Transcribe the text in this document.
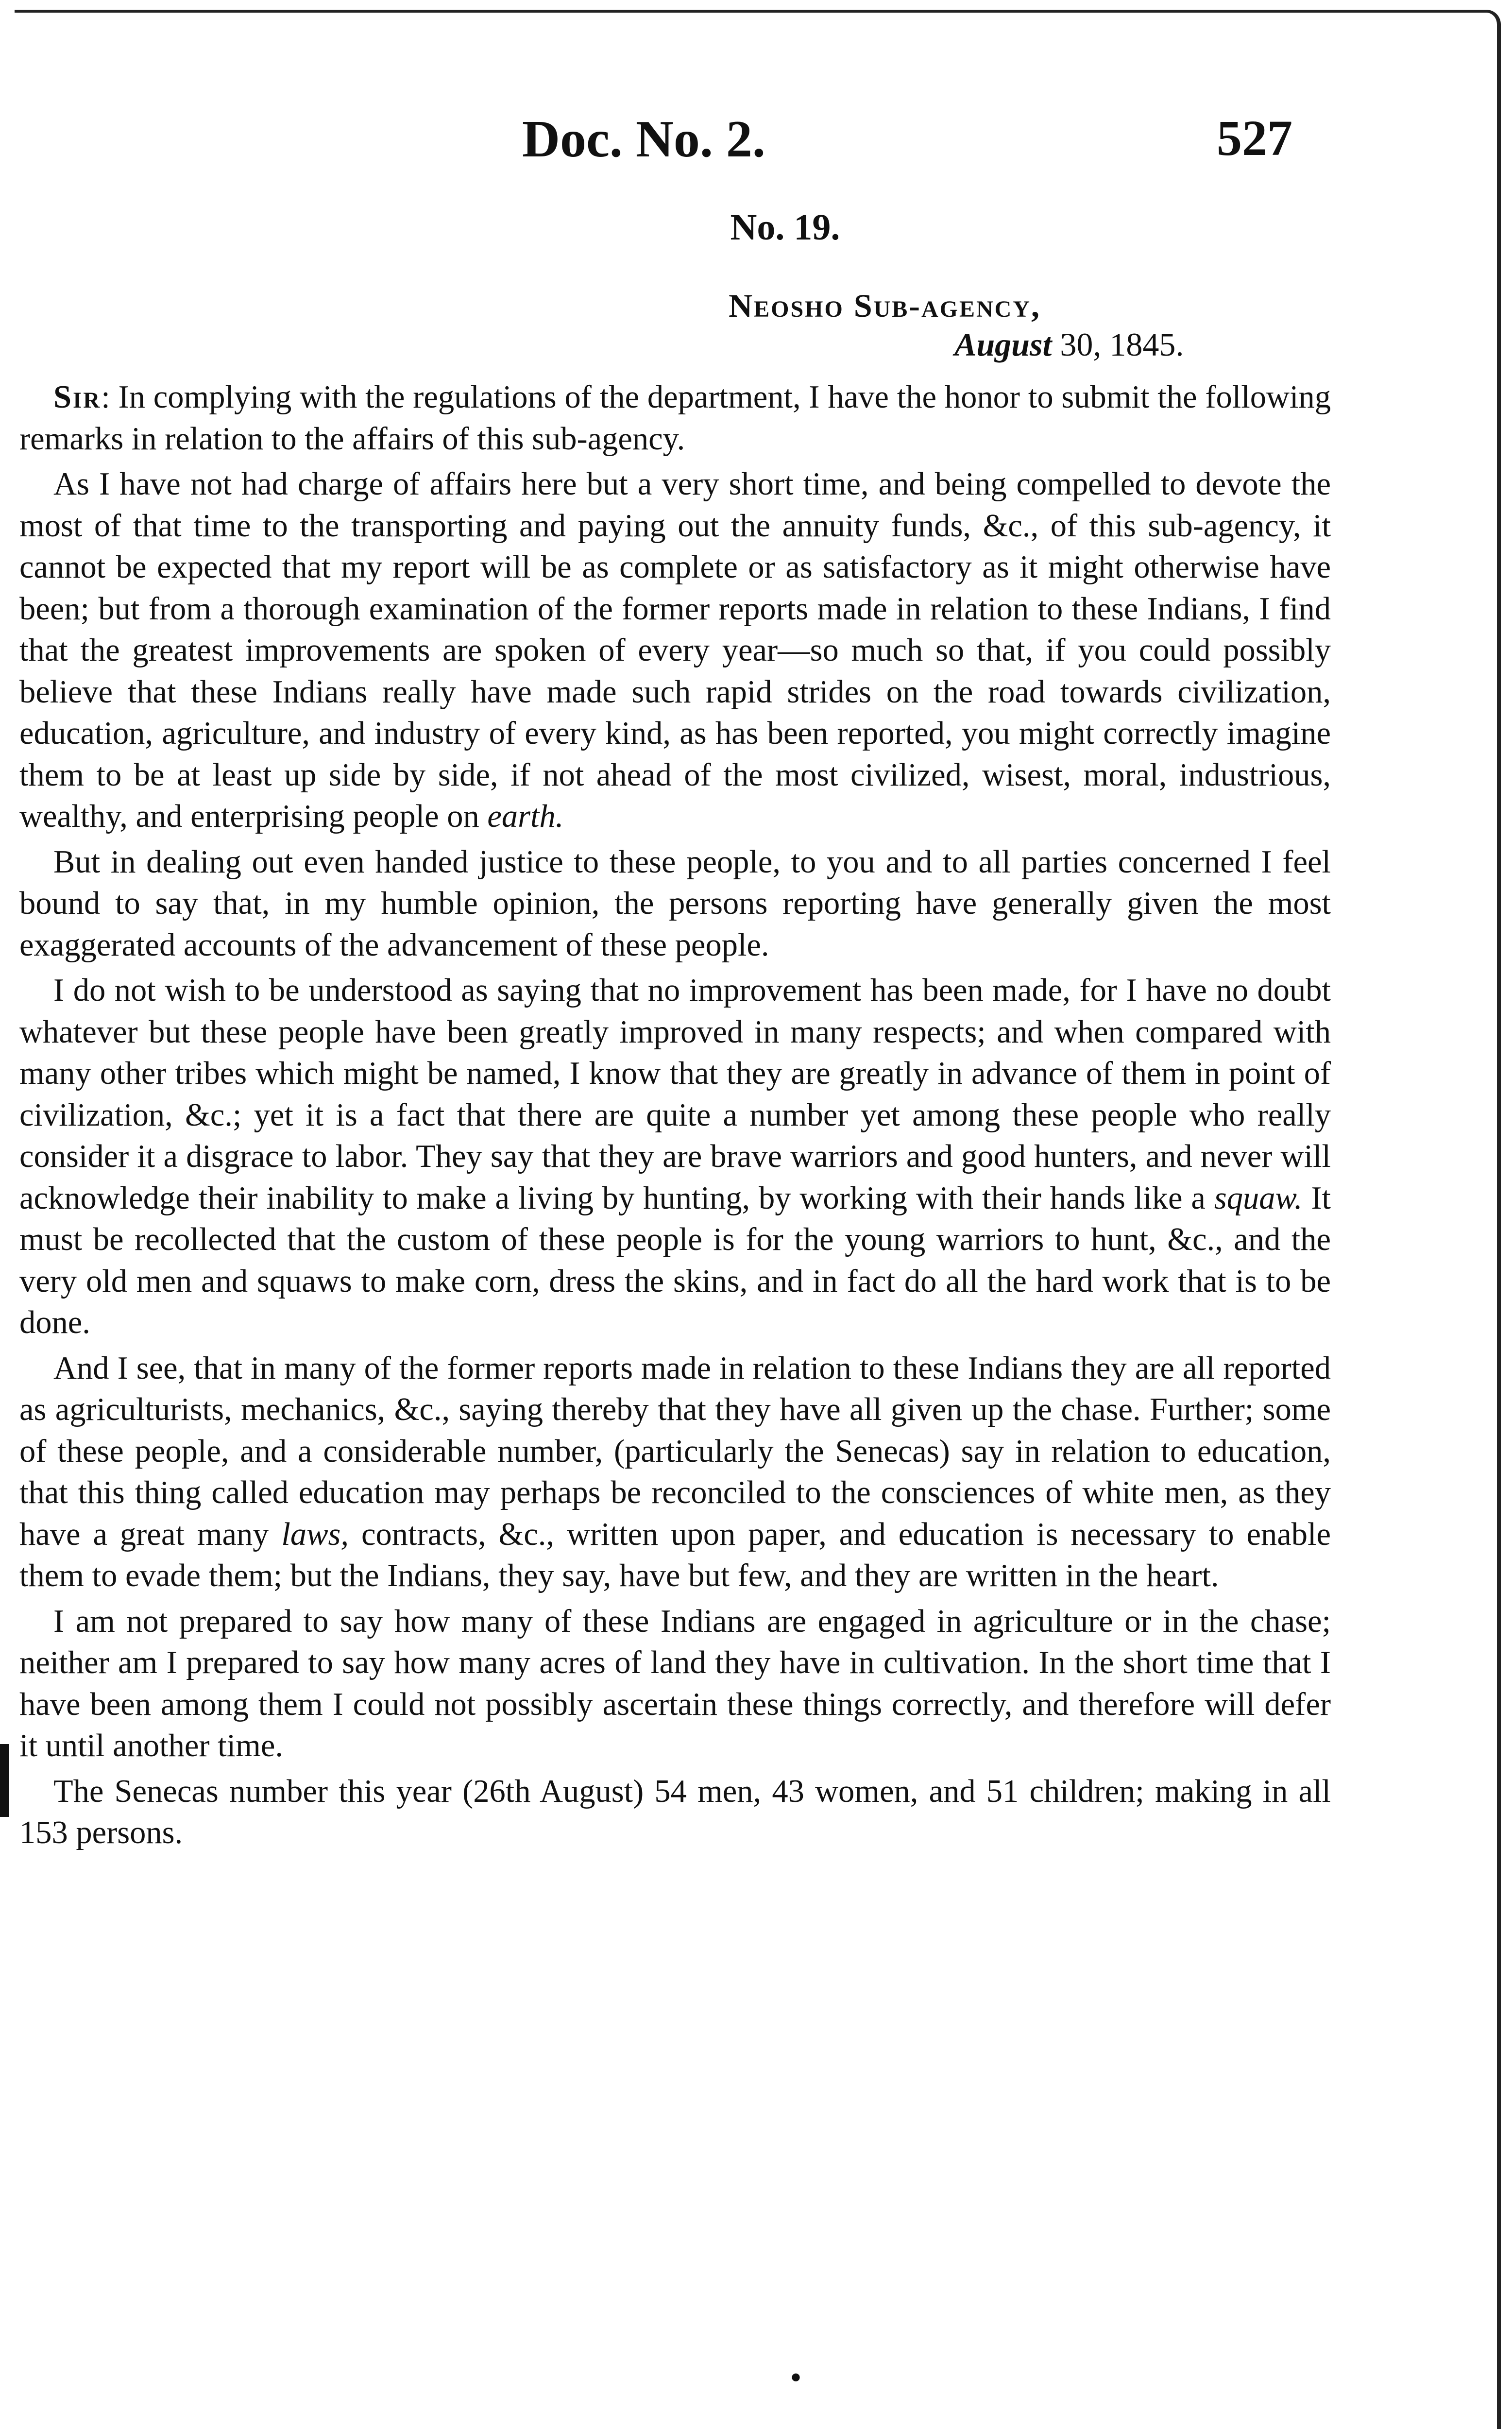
Doc. No. 2.	527
No. 19.
Neosho Sub-agency,
August 30, 1845.

Sir: In complying with the regulations of the department, I have the honor to submit the following remarks in relation to the affairs of this sub-agency.

As I have not had charge of affairs here but a very short time, and being compelled to devote the most of that time to the transporting and paying out the annuity funds, &c., of this sub-agency, it cannot be expected that my report will be as complete or as satisfactory as it might otherwise have been; but from a thorough examination of the former reports made in relation to these Indians, I find that the greatest improvements are spoken of every year—so much so that, if you could possibly believe that these Indians really have made such rapid strides on the road towards civilization, education, agriculture, and industry of every kind, as has been reported, you might correctly imagine them to be at least up side by side, if not ahead of the most civilized, wisest, moral, industrious, wealthy, and enterprising people on earth.

But in dealing out even handed justice to these people, to you and to all parties concerned I feel bound to say that, in my humble opinion, the persons reporting have generally given the most exaggerated accounts of the advancement of these people.

I do not wish to be understood as saying that no improvement has been made, for I have no doubt whatever but these people have been greatly improved in many respects; and when compared with many other tribes which might be named, I know that they are greatly in advance of them in point of civilization, &c.; yet it is a fact that there are quite a number yet among these people who really consider it a disgrace to labor. They say that they are brave warriors and good hunters, and never will acknowledge their inability to make a living by hunting, by working with their hands like a squaw. It must be recollected that the custom of these people is for the young warriors to hunt, &c., and the very old men and squaws to make corn, dress the skins, and in fact do all the hard work that is to be done.

And I see, that in many of the former reports made in relation to these Indians they are all reported as agriculturists, mechanics, &c., saying thereby that they have all given up the chase. Further; some of these people, and a considerable number, (particularly the Senecas) say in relation to education, that this thing called education may perhaps be reconciled to the consciences of white men, as they have a great many laws, contracts, &c., written upon paper, and education is necessary to enable them to evade them; but the Indians, they say, have but few, and they are written in the heart.

I am not prepared to say how many of these Indians are engaged in agriculture or in the chase; neither am I prepared to say how many acres of land they have in cultivation. In the short time that I have been among them I could not possibly ascertain these things correctly, and therefore will defer it until another time.

The Senecas number this year (26th August) 54 men, 43 women, and 51 children; making in all 153 persons.

•
